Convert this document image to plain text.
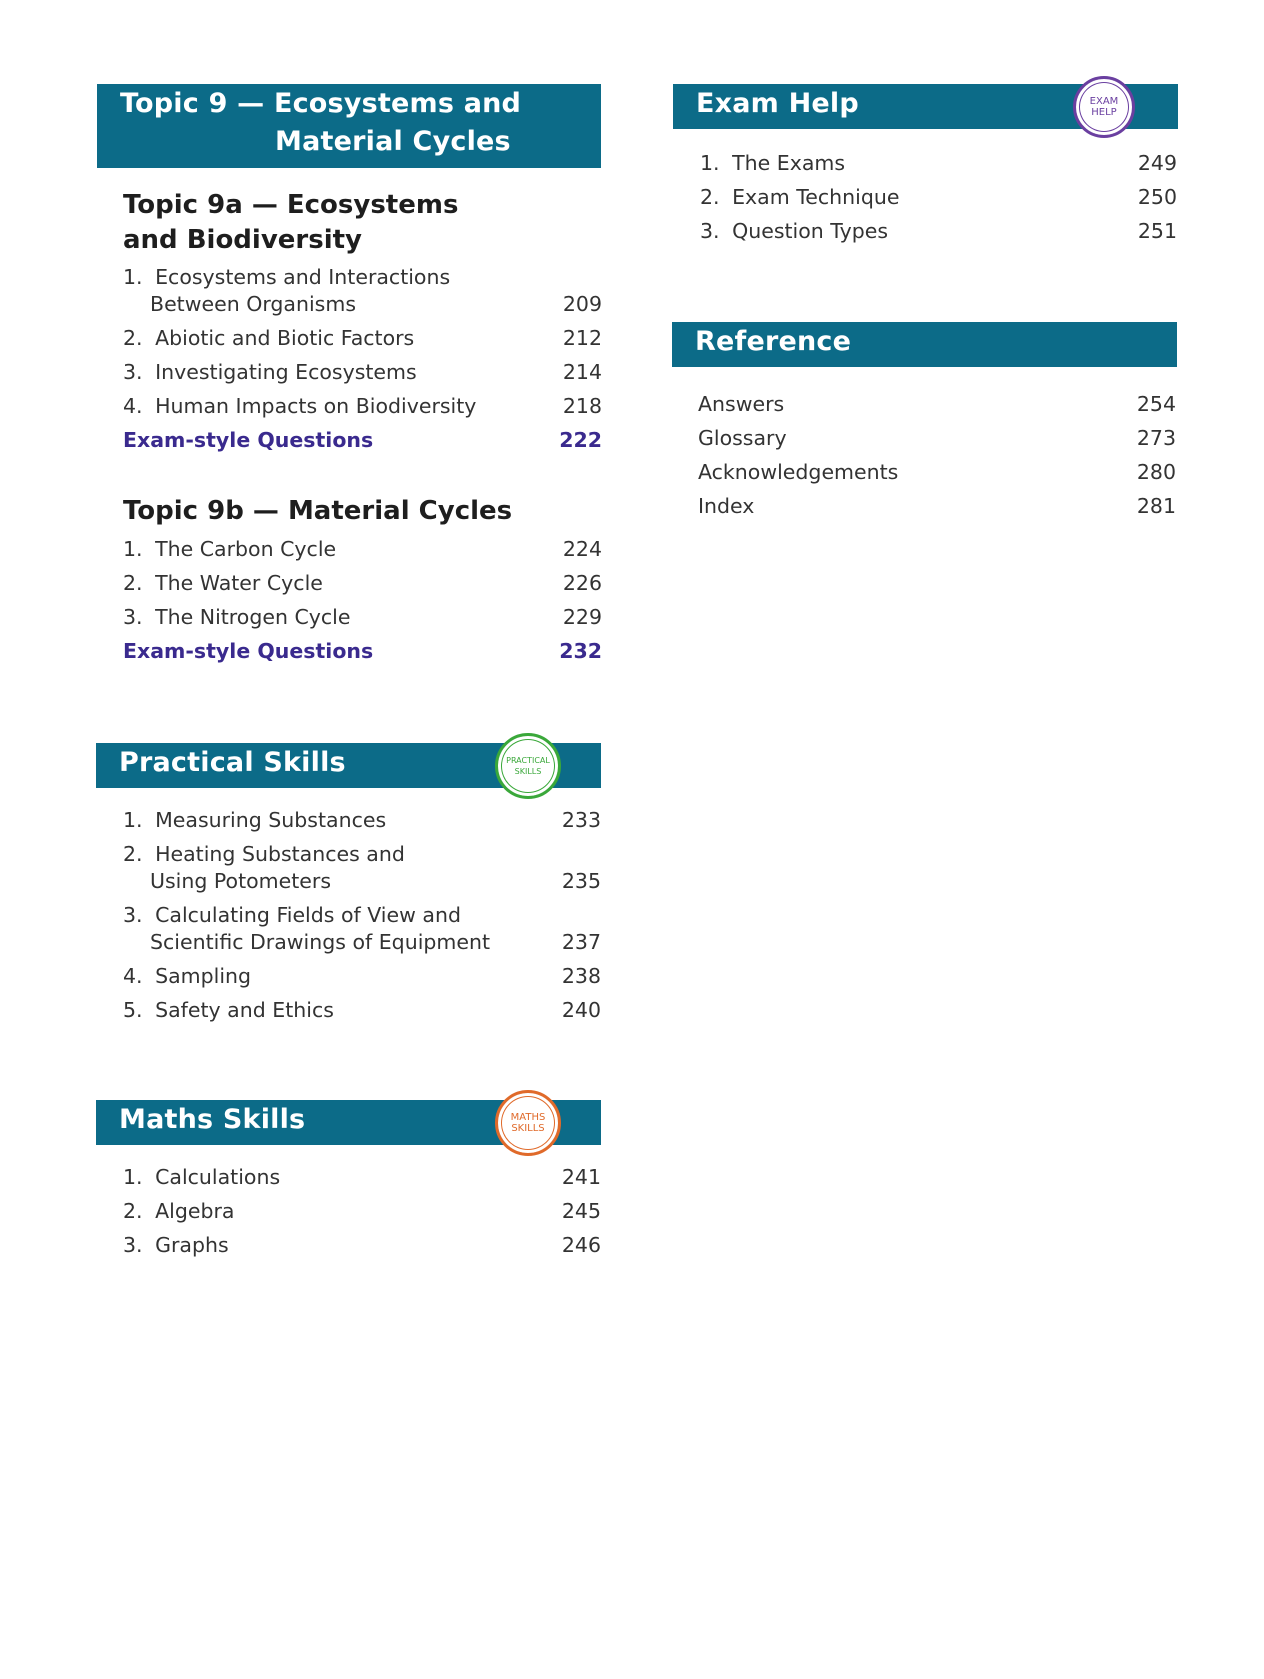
Topic 9 — Ecosystems and
Material Cycles
Topic 9a — Ecosystems
and Biodiversity
1. Ecosystems and Interactions
Between Organisms	209
2. Abiotic and Biotic Factors	212
3. Investigating Ecosystems	214
4. Human Impacts on Biodiversity	218
Exam-style Questions	222
Topic 9b — Material Cycles
1. The Carbon Cycle	224
2. The Water Cycle	226
3. The Nitrogen Cycle	229
Exam-style Questions	232
Practical Skills	PRACTICAL
SKILLS
1. Measuring Substances	233
2. Heating Substances and
Using Potometers	235
3. Calculating Fields of View and
Scientific Drawings of Equipment	237
4. Sampling	238
5. Safety and Ethics	240
Maths Skills	MATHS
SKILLS
1. Calculations	241
2. Algebra	245
3. Graphs	246
Exam Help	EXAM
HELP
1. The Exams	249
2. Exam Technique	250
3. Question Types	251
Reference
Answers	254
Glossary	273
Acknowledgements	280
Index	281
